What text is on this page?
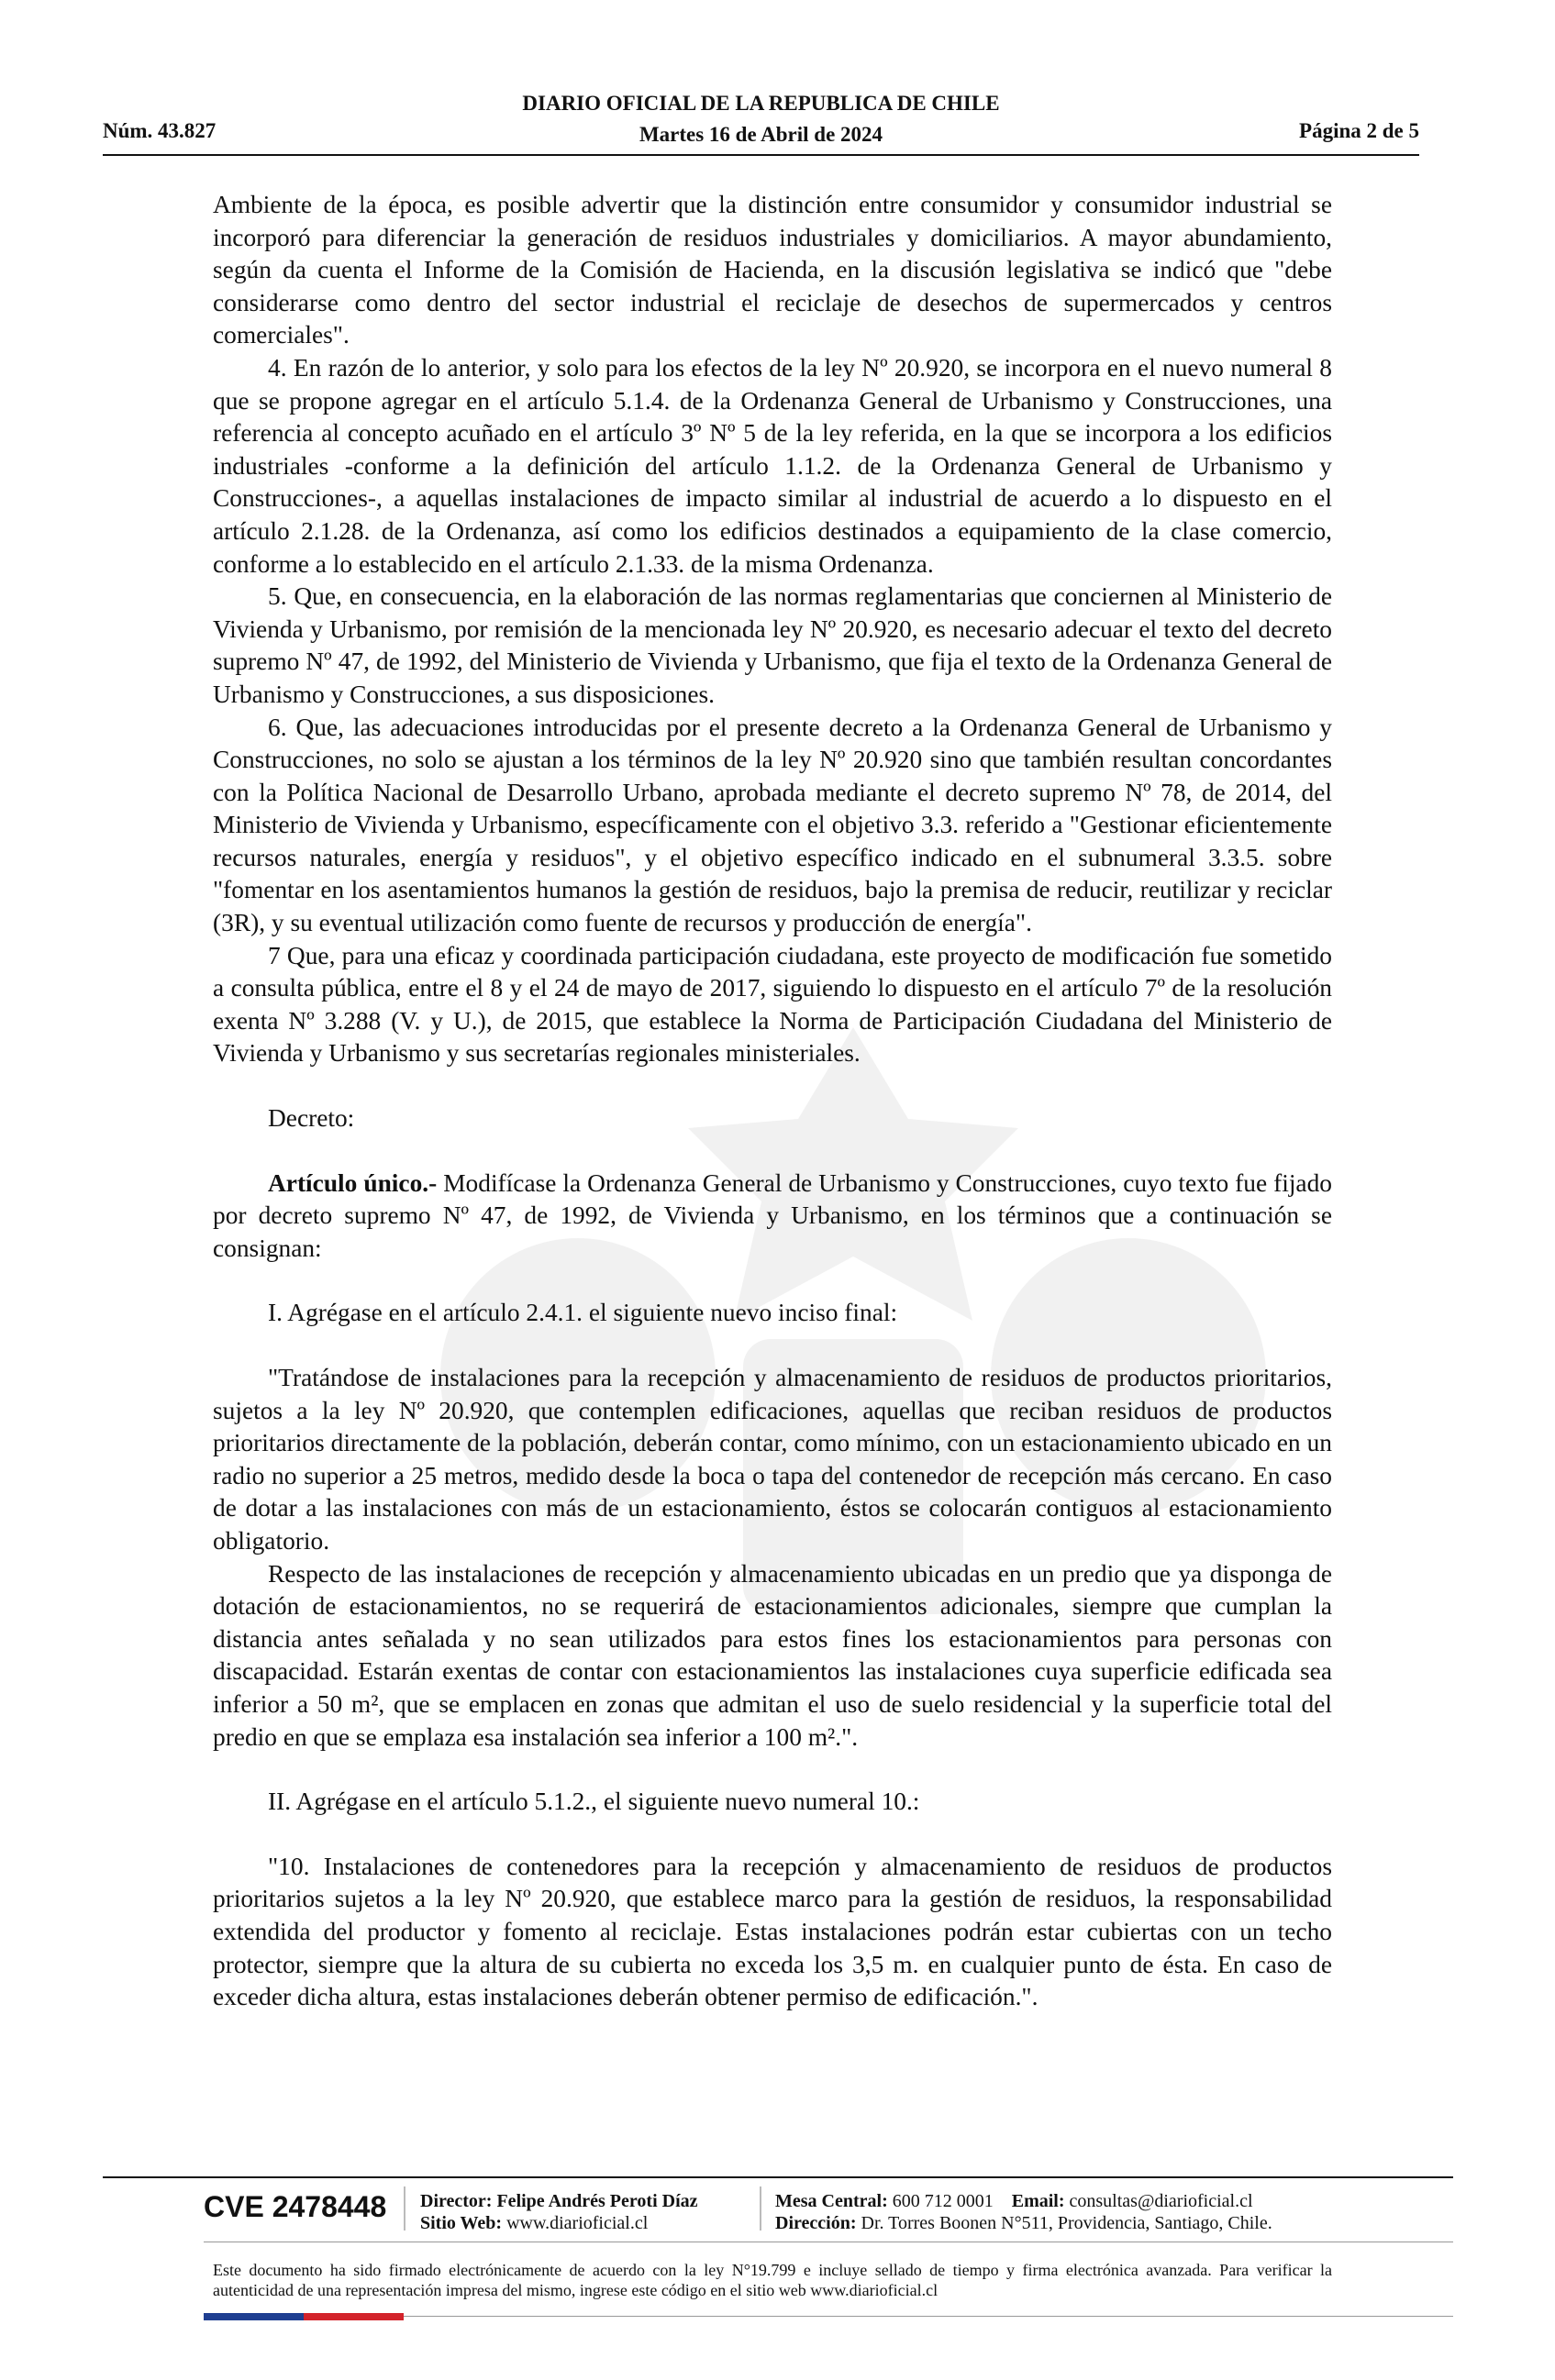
DIARIO OFICIAL DE LA REPUBLICA DE CHILE
Martes 16 de Abril de 2024
Núm. 43.827	Página 2 de 5

Ambiente de la época, es posible advertir que la distinción entre consumidor y consumidor industrial se incorporó para diferenciar la generación de residuos industriales y domiciliarios. A mayor abundamiento, según da cuenta el Informe de la Comisión de Hacienda, en la discusión legislativa se indicó que "debe considerarse como dentro del sector industrial el reciclaje de desechos de supermercados y centros comerciales".

4. En razón de lo anterior, y solo para los efectos de la ley Nº 20.920, se incorpora en el nuevo numeral 8 que se propone agregar en el artículo 5.1.4. de la Ordenanza General de Urbanismo y Construcciones, una referencia al concepto acuñado en el artículo 3º Nº 5 de la ley referida, en la que se incorpora a los edificios industriales -conforme a la definición del artículo 1.1.2. de la Ordenanza General de Urbanismo y Construcciones-, a aquellas instalaciones de impacto similar al industrial de acuerdo a lo dispuesto en el artículo 2.1.28. de la Ordenanza, así como los edificios destinados a equipamiento de la clase comercio, conforme a lo establecido en el artículo 2.1.33. de la misma Ordenanza.

5. Que, en consecuencia, en la elaboración de las normas reglamentarias que conciernen al Ministerio de Vivienda y Urbanismo, por remisión de la mencionada ley Nº 20.920, es necesario adecuar el texto del decreto supremo Nº 47, de 1992, del Ministerio de Vivienda y Urbanismo, que fija el texto de la Ordenanza General de Urbanismo y Construcciones, a sus disposiciones.

6. Que, las adecuaciones introducidas por el presente decreto a la Ordenanza General de Urbanismo y Construcciones, no solo se ajustan a los términos de la ley Nº 20.920 sino que también resultan concordantes con la Política Nacional de Desarrollo Urbano, aprobada mediante el decreto supremo Nº 78, de 2014, del Ministerio de Vivienda y Urbanismo, específicamente con el objetivo 3.3. referido a "Gestionar eficientemente recursos naturales, energía y residuos", y el objetivo específico indicado en el subnumeral 3.3.5. sobre "fomentar en los asentamientos humanos la gestión de residuos, bajo la premisa de reducir, reutilizar y reciclar (3R), y su eventual utilización como fuente de recursos y producción de energía".

7 Que, para una eficaz y coordinada participación ciudadana, este proyecto de modificación fue sometido a consulta pública, entre el 8 y el 24 de mayo de 2017, siguiendo lo dispuesto en el artículo 7º de la resolución exenta Nº 3.288 (V. y U.), de 2015, que establece la Norma de Participación Ciudadana del Ministerio de Vivienda y Urbanismo y sus secretarías regionales ministeriales.

Decreto:

Artículo único.- Modifícase la Ordenanza General de Urbanismo y Construcciones, cuyo texto fue fijado por decreto supremo Nº 47, de 1992, de Vivienda y Urbanismo, en los términos que a continuación se consignan:

I. Agrégase en el artículo 2.4.1. el siguiente nuevo inciso final:

"Tratándose de instalaciones para la recepción y almacenamiento de residuos de productos prioritarios, sujetos a la ley Nº 20.920, que contemplen edificaciones, aquellas que reciban residuos de productos prioritarios directamente de la población, deberán contar, como mínimo, con un estacionamiento ubicado en un radio no superior a 25 metros, medido desde la boca o tapa del contenedor de recepción más cercano. En caso de dotar a las instalaciones con más de un estacionamiento, éstos se colocarán contiguos al estacionamiento obligatorio.

Respecto de las instalaciones de recepción y almacenamiento ubicadas en un predio que ya disponga de dotación de estacionamientos, no se requerirá de estacionamientos adicionales, siempre que cumplan la distancia antes señalada y no sean utilizados para estos fines los estacionamientos para personas con discapacidad. Estarán exentas de contar con estacionamientos las instalaciones cuya superficie edificada sea inferior a 50 m², que se emplacen en zonas que admitan el uso de suelo residencial y la superficie total del predio en que se emplaza esa instalación sea inferior a 100 m².".

II. Agrégase en el artículo 5.1.2., el siguiente nuevo numeral 10.:

"10. Instalaciones de contenedores para la recepción y almacenamiento de residuos de productos prioritarios sujetos a la ley Nº 20.920, que establece marco para la gestión de residuos, la responsabilidad extendida del productor y fomento al reciclaje. Estas instalaciones podrán estar cubiertas con un techo protector, siempre que la altura de su cubierta no exceda los 3,5 m. en cualquier punto de ésta. En caso de exceder dicha altura, estas instalaciones deberán obtener permiso de edificación.".

CVE 2478448 Director: Felipe Andrés Peroti Díaz
Sitio Web: www.diarioficial.cl
Mesa Central: 600 712 0001 Email: consultas@diarioficial.cl
Dirección: Dr. Torres Boonen N°511, Providencia, Santiago, Chile.
Este documento ha sido firmado electrónicamente de acuerdo con la ley N°19.799 e incluye sellado de tiempo y firma electrónica avanzada. Para verificar la autenticidad de una representación impresa del mismo, ingrese este código en el sitio web www.diarioficial.cl
